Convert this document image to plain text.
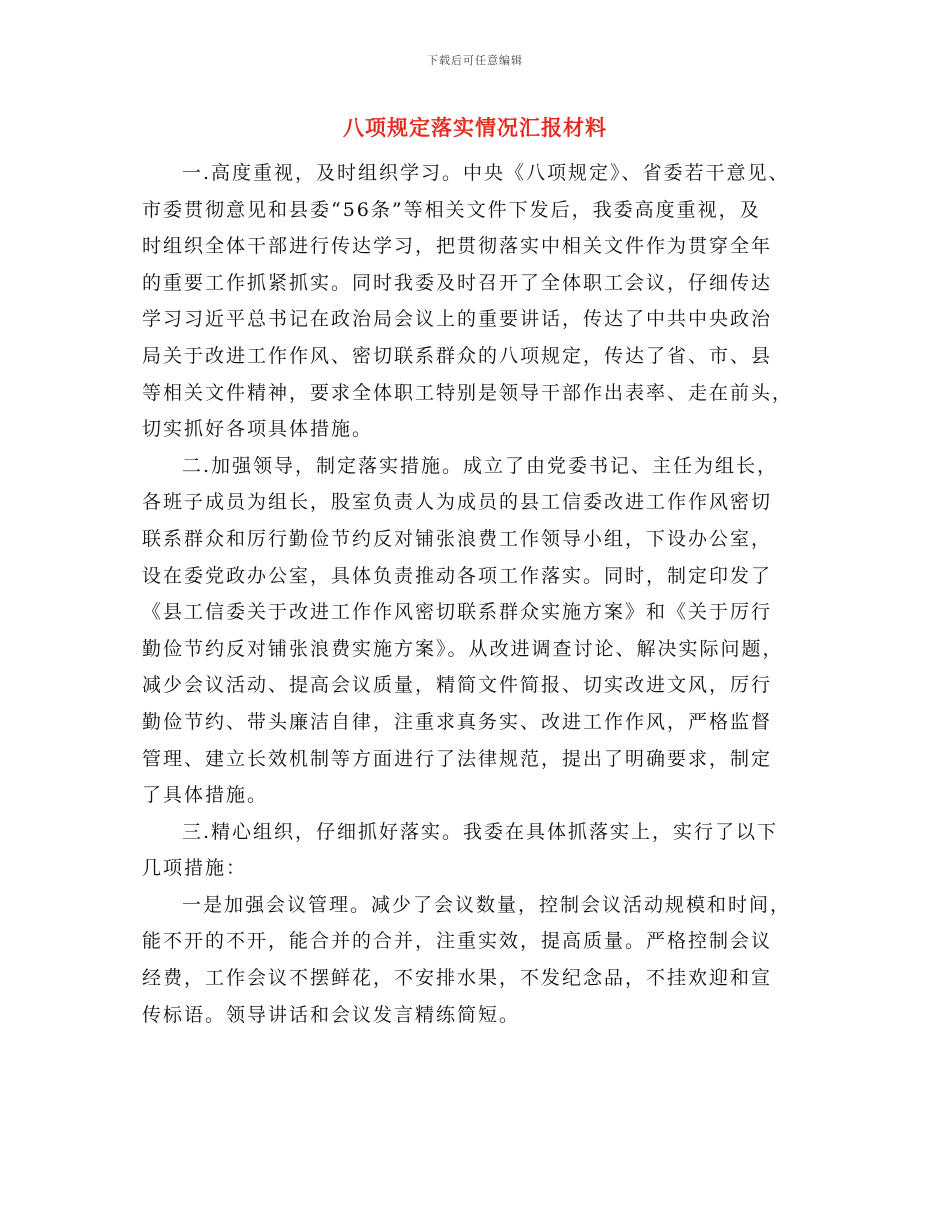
下载后可任意编辑
八项规定落实情况汇报材料
一.高度重视，及时组织学习。中央《八项规定》、省委若干意见、
市委贯彻意见和县委“56条”等相关文件下发后，我委高度重视，及
时组织全体干部进行传达学习，把贯彻落实中相关文件作为贯穿全年
的重要工作抓紧抓实。同时我委及时召开了全体职工会议，仔细传达
学习习近平总书记在政治局会议上的重要讲话，传达了中共中央政治
局关于改进工作作风、密切联系群众的八项规定，传达了省、市、县
等相关文件精神，要求全体职工特别是领导干部作出表率、走在前头，
切实抓好各项具体措施。
二.加强领导，制定落实措施。成立了由党委书记、主任为组长，
各班子成员为组长，股室负责人为成员的县工信委改进工作作风密切
联系群众和厉行勤俭节约反对铺张浪费工作领导小组，下设办公室，
设在委党政办公室，具体负责推动各项工作落实。同时，制定印发了
《县工信委关于改进工作作风密切联系群众实施方案》和《关于厉行
勤俭节约反对铺张浪费实施方案》。从改进调查讨论、解决实际问题，
减少会议活动、提高会议质量，精简文件简报、切实改进文风，厉行
勤俭节约、带头廉洁自律，注重求真务实、改进工作作风，严格监督
管理、建立长效机制等方面进行了法律规范，提出了明确要求，制定
了具体措施。
三.精心组织，仔细抓好落实。我委在具体抓落实上，实行了以下
几项措施：
一是加强会议管理。减少了会议数量，控制会议活动规模和时间，
能不开的不开，能合并的合并，注重实效，提高质量。严格控制会议
经费，工作会议不摆鲜花，不安排水果，不发纪念品，不挂欢迎和宣
传标语。领导讲话和会议发言精练简短。
